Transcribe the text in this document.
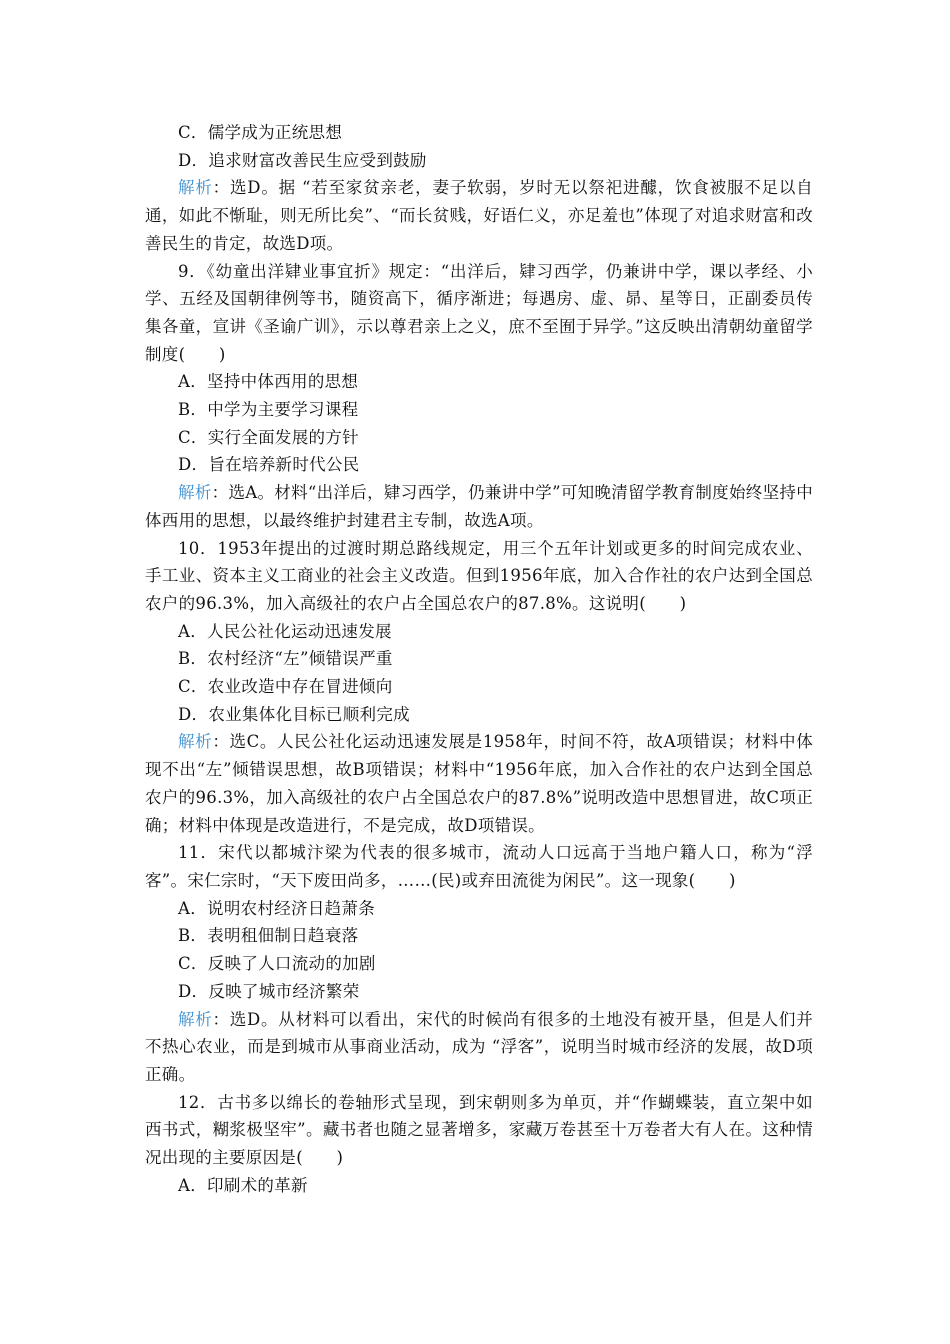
C．儒学成为正统思想

D．追求财富改善民生应受到鼓励

解析：选D。据 “若至家贫亲老，妻子软弱，岁时无以祭祀进醵，饮食被服不足以自通，如此不惭耻，则无所比矣”、“而长贫贱，好语仁义，亦足羞也”体现了对追求财富和改善民生的肯定，故选D项。

9．《幼童出洋肄业事宜折》规定：“出洋后，肄习西学，仍兼讲中学，课以孝经、小学、五经及国朝律例等书，随资高下，循序渐进；每遇房、虚、昴、星等日，正副委员传集各童，宣讲《圣谕广训》，示以尊君亲上之义，庶不至囿于异学。”这反映出清朝幼童留学制度(　　)

A．坚持中体西用的思想

B．中学为主要学习课程

C．实行全面发展的方针

D．旨在培养新时代公民

解析：选A。材料“出洋后，肄习西学，仍兼讲中学”可知晚清留学教育制度始终坚持中体西用的思想，以最终维护封建君主专制，故选A项。

10．1953年提出的过渡时期总路线规定，用三个五年计划或更多的时间完成农业、手工业、资本主义工商业的社会主义改造。但到1956年底，加入合作社的农户达到全国总农户的96.3%，加入高级社的农户占全国总农户的87.8%。这说明(　　)

A．人民公社化运动迅速发展

B．农村经济“左”倾错误严重

C．农业改造中存在冒进倾向

D．农业集体化目标已顺利完成

解析：选C。人民公社化运动迅速发展是1958年，时间不符，故A项错误；材料中体现不出“左”倾错误思想，故B项错误；材料中“1956年底，加入合作社的农户达到全国总农户的96.3%，加入高级社的农户占全国总农户的87.8%”说明改造中思想冒进，故C项正确；材料中体现是改造进行，不是完成，故D项错误。

11．宋代以都城汴梁为代表的很多城市，流动人口远高于当地户籍人口，称为“浮客”。宋仁宗时，“天下废田尚多，……(民)或弃田流徙为闲民”。这一现象(　　)

A．说明农村经济日趋萧条

B．表明租佃制日趋衰落

C．反映了人口流动的加剧

D．反映了城市经济繁荣

解析：选D。从材料可以看出，宋代的时候尚有很多的土地没有被开垦，但是人们并不热心农业，而是到城市从事商业活动，成为 “浮客”，说明当时城市经济的发展，故D项正确。

12．古书多以绵长的卷轴形式呈现，到宋朝则多为单页，并“作蝴蝶装，直立架中如西书式，糊浆极坚牢”。藏书者也随之显著增多，家藏万卷甚至十万卷者大有人在。这种情况出现的主要原因是(　　)

A．印刷术的革新
